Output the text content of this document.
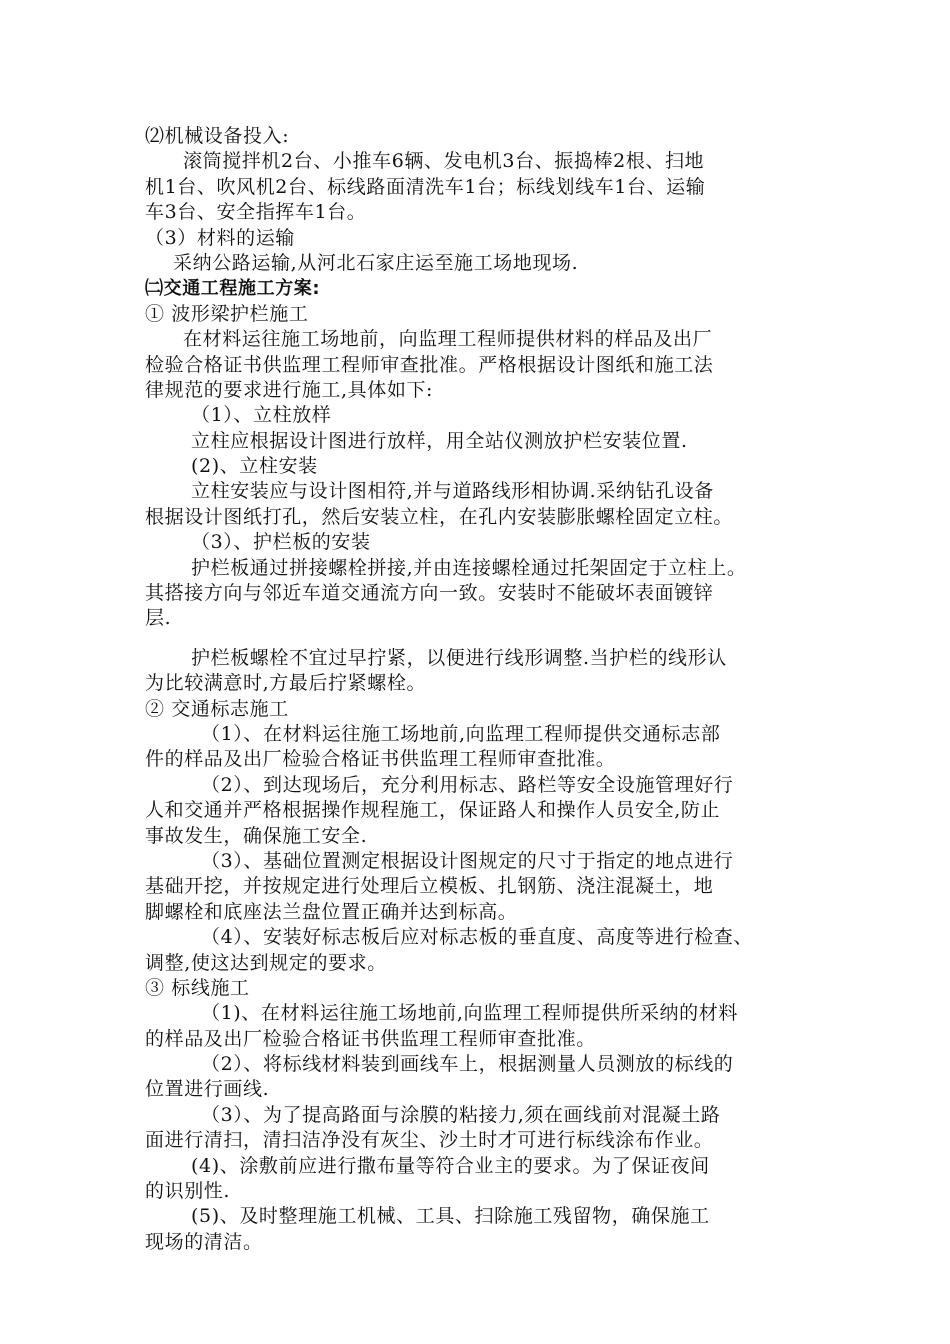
⑵机械设备投入:
滚筒搅拌机2台、小推车6辆、发电机3台、振捣棒2根、扫地
机1台、吹风机2台、标线路面清洗车1台；标线划线车1台、运输
车3台、安全指挥车1台。
（3）材料的运输
采纳公路运输,从河北石家庄运至施工场地现场.
㈡交通工程施工方案:
① 波形梁护栏施工
在材料运往施工场地前，向监理工程师提供材料的样品及出厂
检验合格证书供监理工程师审查批准。严格根据设计图纸和施工法
律规范的要求进行施工,具体如下:
（1）、立柱放样
立柱应根据设计图进行放样，用全站仪测放护栏安装位置.
(2)、立柱安装
立柱安装应与设计图相符,并与道路线形相协调.采纳钻孔设备
根据设计图纸打孔，然后安装立柱，在孔内安装膨胀螺栓固定立柱。
（3）、护栏板的安装
护栏板通过拼接螺栓拼接,并由连接螺栓通过托架固定于立柱上。
其搭接方向与邻近车道交通流方向一致。安装时不能破坏表面镀锌
层.
护栏板螺栓不宜过早拧紧，以便进行线形调整.当护栏的线形认
为比较满意时,方最后拧紧螺栓。
② 交通标志施工
（1）、在材料运往施工场地前,向监理工程师提供交通标志部
件的样品及出厂检验合格证书供监理工程师审查批准。
（2）、到达现场后，充分利用标志、路栏等安全设施管理好行
人和交通并严格根据操作规程施工，保证路人和操作人员安全,防止
事故发生，确保施工安全.
（3）、基础位置测定根据设计图规定的尺寸于指定的地点进行
基础开挖，并按规定进行处理后立模板、扎钢筋、浇注混凝土，地
脚螺栓和底座法兰盘位置正确并达到标高。
（4）、安装好标志板后应对标志板的垂直度、高度等进行检查、
调整,使这达到规定的要求。
③ 标线施工
（1)、在材料运往施工场地前,向监理工程师提供所采纳的材料
的样品及出厂检验合格证书供监理工程师审查批准。
（2）、将标线材料装到画线车上，根据测量人员测放的标线的
位置进行画线.
（3）、为了提高路面与涂膜的粘接力,须在画线前对混凝土路
面进行清扫，清扫洁净没有灰尘、沙土时才可进行标线涂布作业。
(4)、涂敷前应进行撒布量等符合业主的要求。为了保证夜间
的识别性.
(5)、及时整理施工机械、工具、扫除施工残留物，确保施工
现场的清洁。
